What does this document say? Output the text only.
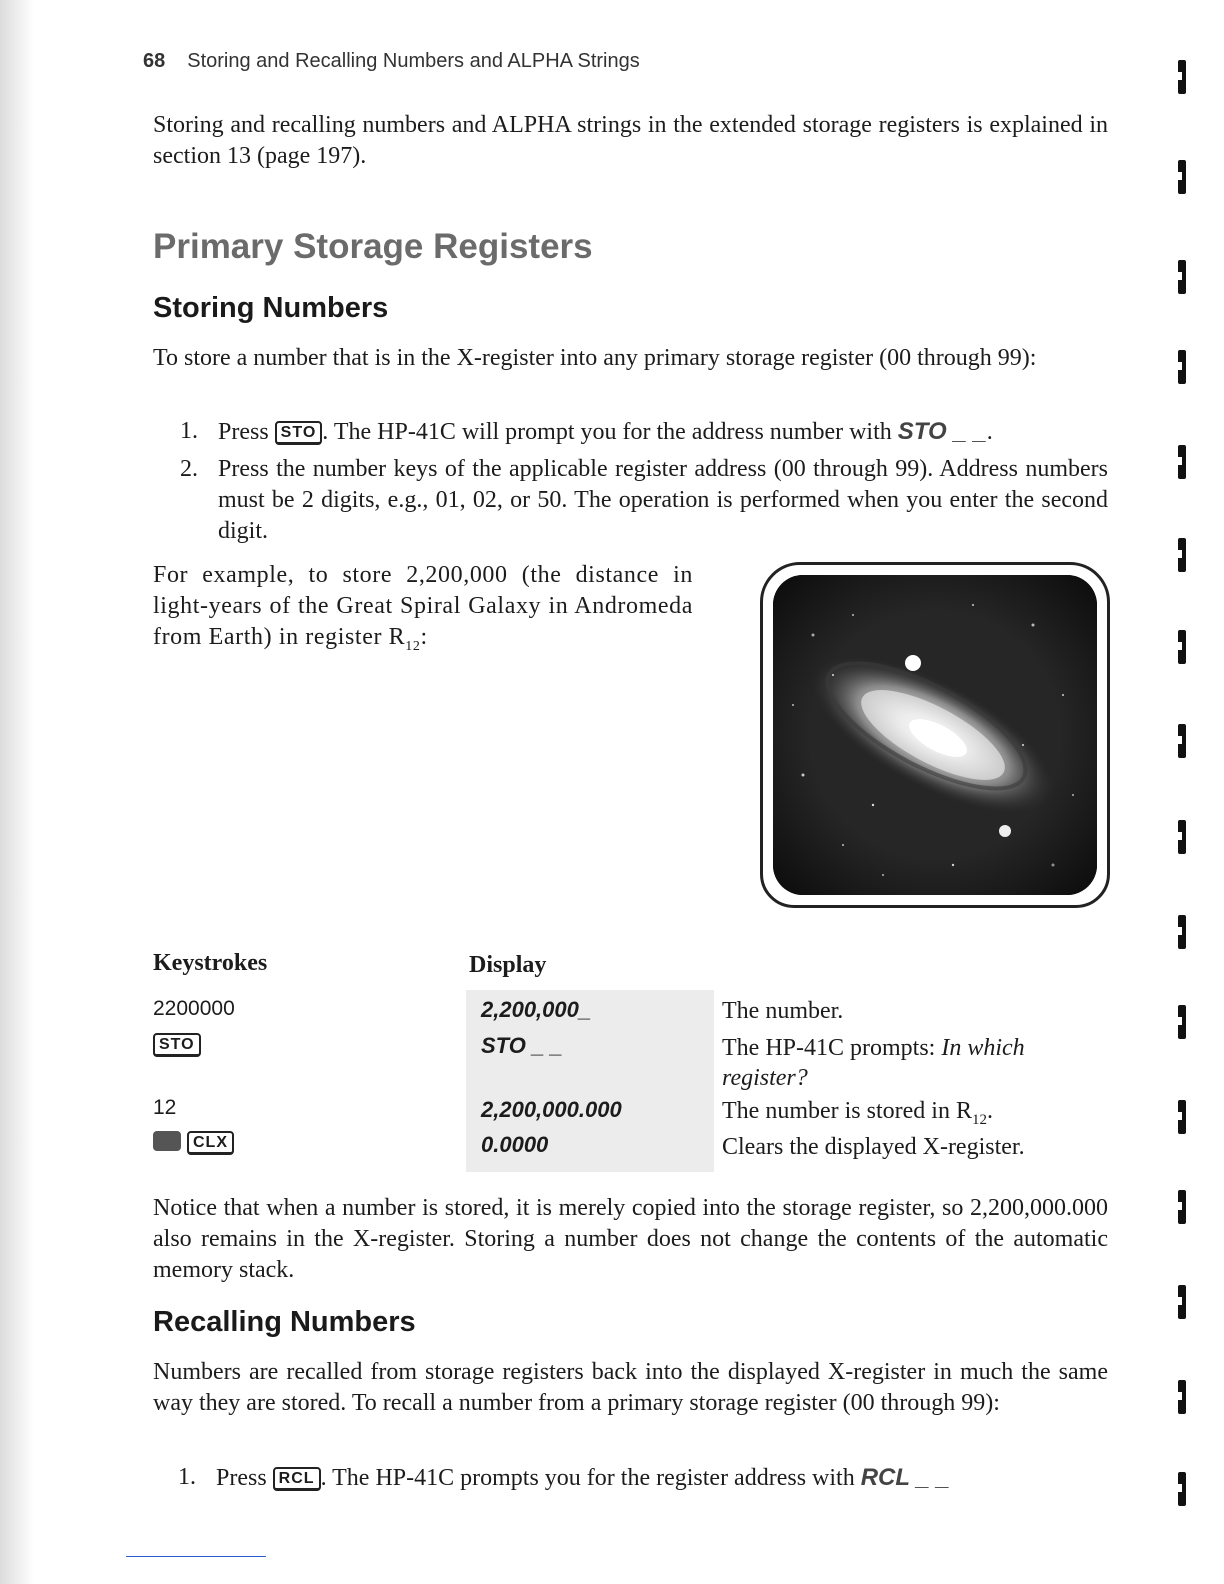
68 Storing and Recalling Numbers and ALPHA Strings

Storing and recalling numbers and ALPHA strings in the extended storage registers is explained in section 13 (page 197).

Primary Storage Registers
Storing Numbers

To store a number that is in the X-register into any primary storage register (00 through 99):

1. Press STO . The HP-41C will prompt you for the address number with STO _ _.
2. Press the number keys of the applicable register address (00 through 99). Address numbers must be 2 digits, e.g., 01, 02, or 50. The operation is performed when you enter the second digit.

For example, to store 2,200,000 (the distance in light-years of the Great Spiral Galaxy in Andromeda from Earth) in register $R_{12}$:

Keystrokes	Display
2200000	2,200,000_	The number.
STO	STO _ _	The HP-41C prompts: In which register?
12	2,200,000.000	The number is stored in $R_{12}$.
CLX	0.0000	Clears the displayed X-register.

Notice that when a number is stored, it is merely copied into the storage register, so 2,200,000.000 also remains in the X-register. Storing a number does not change the contents of the automatic memory stack.

Recalling Numbers

Numbers are recalled from storage registers back into the displayed X-register in much the same way they are stored. To recall a number from a primary storage register (00 through 99):

1. Press RCL . The HP-41C prompts you for the register address with RCL _ _
